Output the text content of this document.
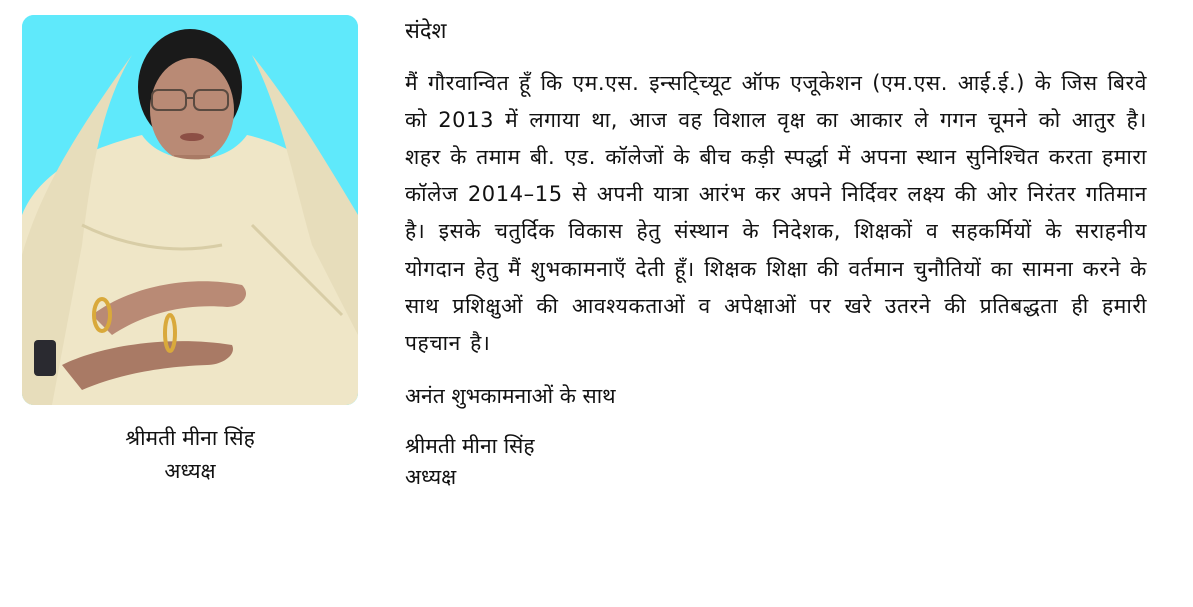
श्रीमती मीना सिंह
अध्यक्ष
संदेश

मैं गौरवान्वित हूँ कि एम.एस. इन्सटि्च्यूट ऑफ एजूकेशन (एम.एस. आई.ई.) के जिस बिरवे को 2013 में लगाया था, आज वह विशाल वृक्ष का आकार ले गगन चूमने को आतुर है। शहर के तमाम बी. एड. कॉलेजों के बीच कड़ी स्पर्द्धा में अपना स्थान सुनिश्चित करता हमारा कॉलेज 2014–15 से अपनी यात्रा आरंभ कर अपने निर्दिवर लक्ष्य की ओर निरंतर गतिमान है। इसके चतुर्दिक विकास हेतु संस्थान के निदेशक, शिक्षकों व सहकर्मियों के सराहनीय योगदान हेतु मैं शुभकामनाएँ देती हूँ। शिक्षक शिक्षा की वर्तमान चुनौतियों का सामना करने के साथ प्रशिक्षुओं की आवश्यकताओं व अपेक्षाओं पर खरे उतरने की प्रतिबद्धता ही हमारी पहचान है।

अनंत शुभकामनाओं के साथ

श्रीमती मीना सिंह

अध्यक्ष
